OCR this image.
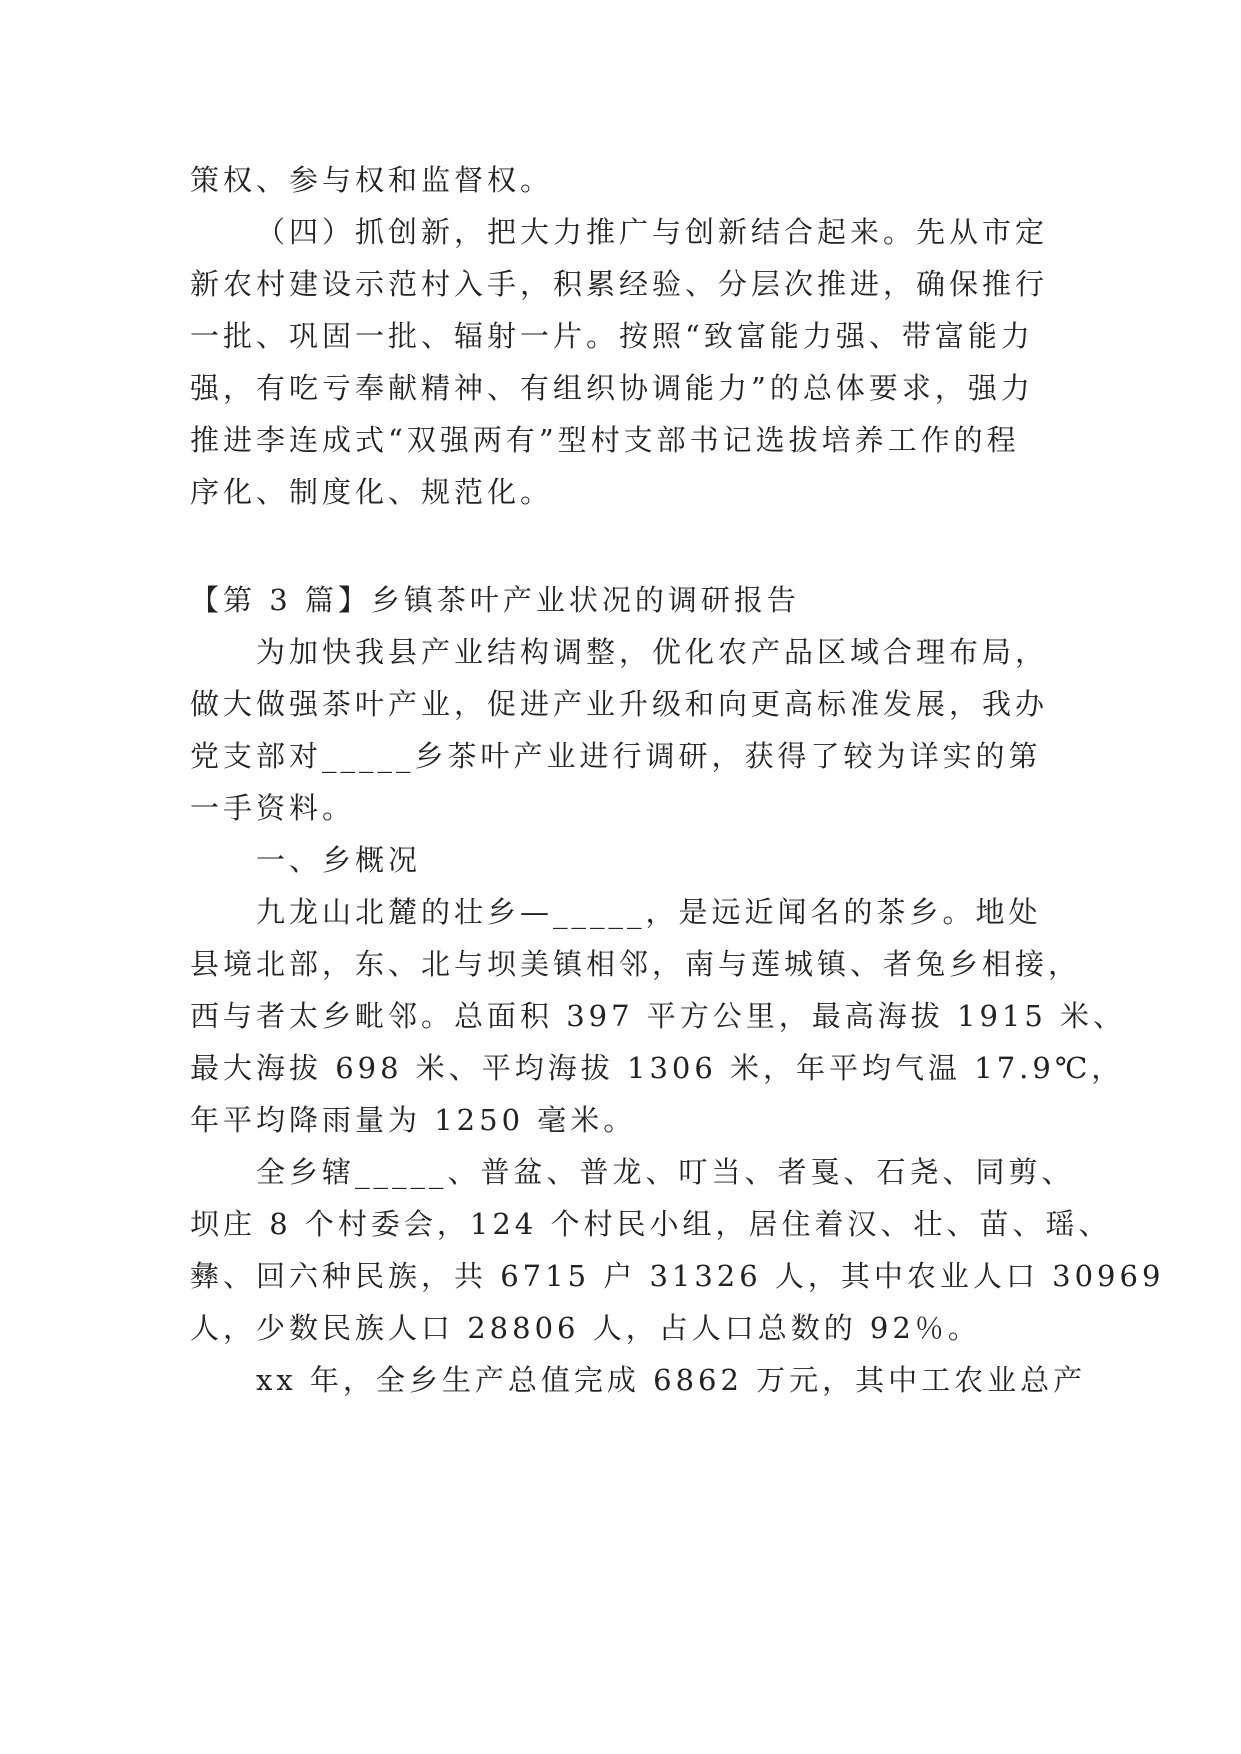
策权、参与权和监督权。
（四）抓创新，把大力推广与创新结合起来。先从市定
新农村建设示范村入手，积累经验、分层次推进，确保推行
一批、巩固一批、辐射一片。按照“致富能力强、带富能力
强，有吃亏奉献精神、有组织协调能力”的总体要求，强力
推进李连成式“双强两有”型村支部书记选拔培养工作的程
序化、制度化、规范化。
【第 3 篇】乡镇茶叶产业状况的调研报告
为加快我县产业结构调整，优化农产品区域合理布局，
做大做强茶叶产业，促进产业升级和向更高标准发展，我办
党支部对_____乡茶叶产业进行调研，获得了较为详实的第
一手资料。
一、乡概况
九龙山北麓的壮乡—_____，是远近闻名的茶乡。地处
县境北部，东、北与坝美镇相邻，南与莲城镇、者兔乡相接，
西与者太乡毗邻。总面积 397 平方公里，最高海拔 1915 米、
最大海拔 698 米、平均海拔 1306 米，年平均气温 17.9℃，
年平均降雨量为 1250 毫米。
全乡辖_____、普盆、普龙、叮当、者戛、石尧、同剪、
坝庄 8 个村委会，124 个村民小组，居住着汉、壮、苗、瑶、
彝、回六种民族，共 6715 户 31326 人，其中农业人口 30969
人，少数民族人口 28806 人，占人口总数的 92％。
xx 年，全乡生产总值完成 6862 万元，其中工农业总产
